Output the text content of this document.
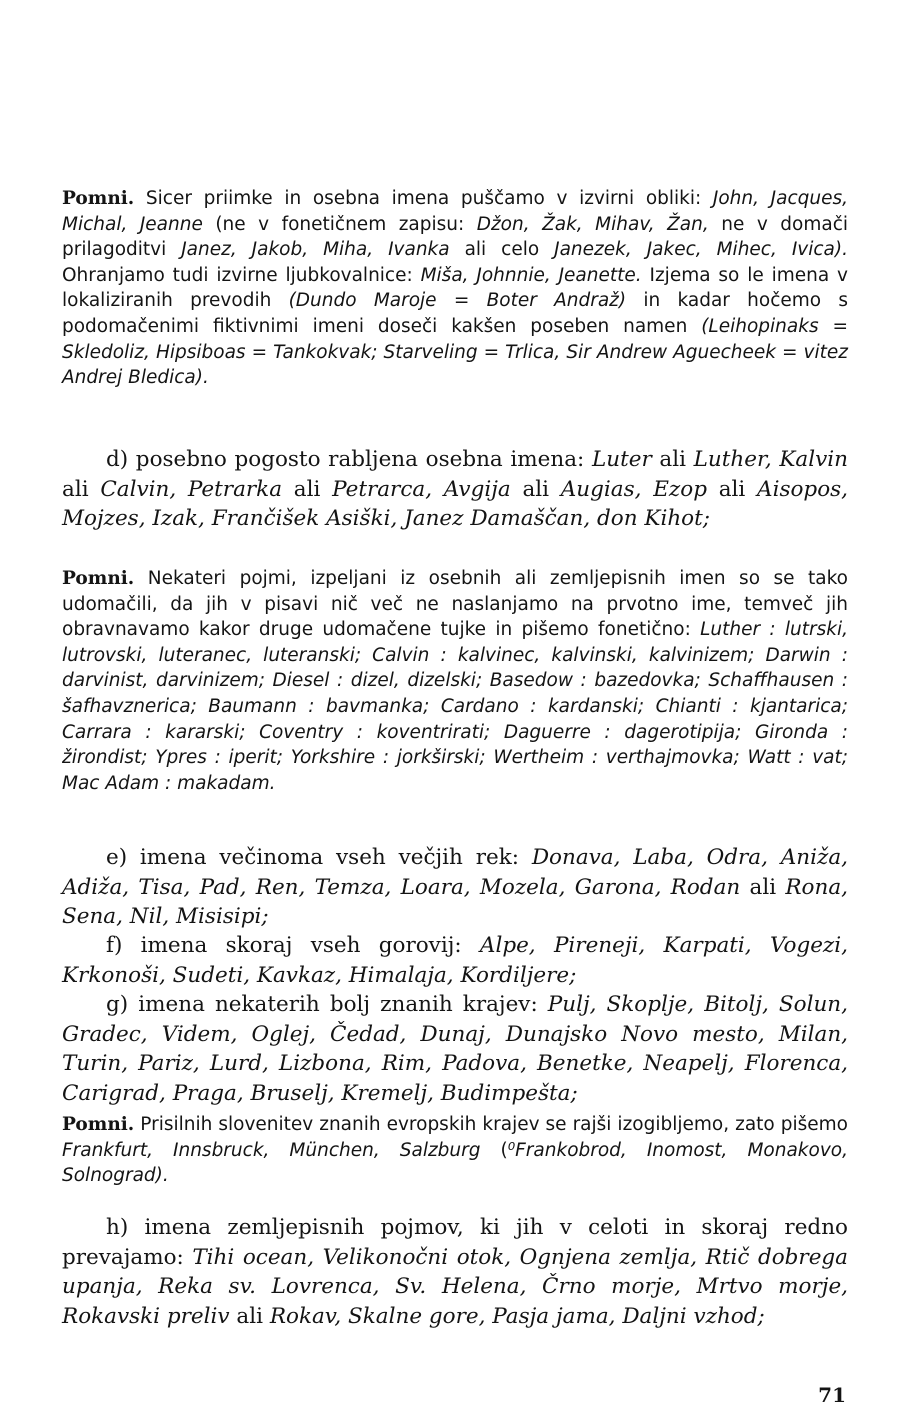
Pomni. Sicer priimke in osebna imena puščamo v izvirni obliki: John, Jacques, Michal, Jeanne (ne v fonetičnem zapisu: Džon, Žak, Mihav, Žan, ne v domači prilagoditvi Janez, Jakob, Miha, Ivanka ali celo Janezek, Jakec, Mihec, Ivica). Ohranjamo tudi izvirne ljubkovalnice: Miša, Johnnie, Jeanette. Izjema so le imena v lokaliziranih prevodih (Dundo Maroje = Boter Andraž) in kadar hočemo s podomačenimi fiktivnimi imeni doseči kakšen poseben namen (Leihopinaks = Skledoliz, Hipsiboas = Tankokvak; Starveling = Trlica, Sir Andrew Aguecheek = vitez Andrej Bledica).

d) posebno pogosto rabljena osebna imena: Luter ali Luther, Kalvin ali Calvin, Petrarka ali Petrarca, Avgija ali Augias, Ezop ali Aisopos, Mojzes, Izak, Frančišek Asiški, Janez Damaščan, don Kihot;

Pomni. Nekateri pojmi, izpeljani iz osebnih ali zemljepisnih imen so se tako udomačili, da jih v pisavi nič več ne naslanjamo na prvotno ime, temveč jih obravnavamo kakor druge udomačene tujke in pišemo fonetično: Luther : lutrski, lutrovski, luteranec, luteranski; Calvin : kalvinec, kalvinski, kalvinizem; Darwin : darvinist, darvinizem; Diesel : dizel, dizelski; Basedow : bazedovka; Schaffhausen : šafhavznerica; Baumann : bavmanka; Cardano : kardanski; Chianti : kjantarica; Carrara : kararski; Coventry : koventrirati; Daguerre : dagerotipija; Gironda : žirondist; Ypres : iperit; Yorkshire : jorkširski; Wertheim : verthajmovka; Watt : vat; Mac Adam : makadam.

e) imena večinoma vseh večjih rek: Donava, Laba, Odra, Aniža, Adiža, Tisa, Pad, Ren, Temza, Loara, Mozela, Garona, Rodan ali Rona, Sena, Nil, Misisipi;

f) imena skoraj vseh gorovij: Alpe, Pireneji, Karpati, Vogezi, Krkonoši, Sudeti, Kavkaz, Himalaja, Kordiljere;

g) imena nekaterih bolj znanih krajev: Pulj, Skoplje, Bitolj, Solun, Gradec, Videm, Oglej, Čedad, Dunaj, Dunajsko Novo mesto, Milan, Turin, Pariz, Lurd, Lizbona, Rim, Padova, Benetke, Neapelj, Florenca, Carigrad, Praga, Bruselj, Kremelj, Budimpešta;

Pomni. Prisilnih slovenitev znanih evropskih krajev se rajši izogibljemo, zato pišemo Frankfurt, Innsbruck, München, Salzburg (⁰Frankobrod, Inomost, Monakovo, Solnograd).

h) imena zemljepisnih pojmov, ki jih v celoti in skoraj redno prevajamo: Tihi ocean, Velikonočni otok, Ognjena zemlja, Rtič dobrega upanja, Reka sv. Lovrenca, Sv. Helena, Črno morje, Mrtvo morje, Rokavski preliv ali Rokav, Skalne gore, Pasja jama, Daljni vzhod;

71
